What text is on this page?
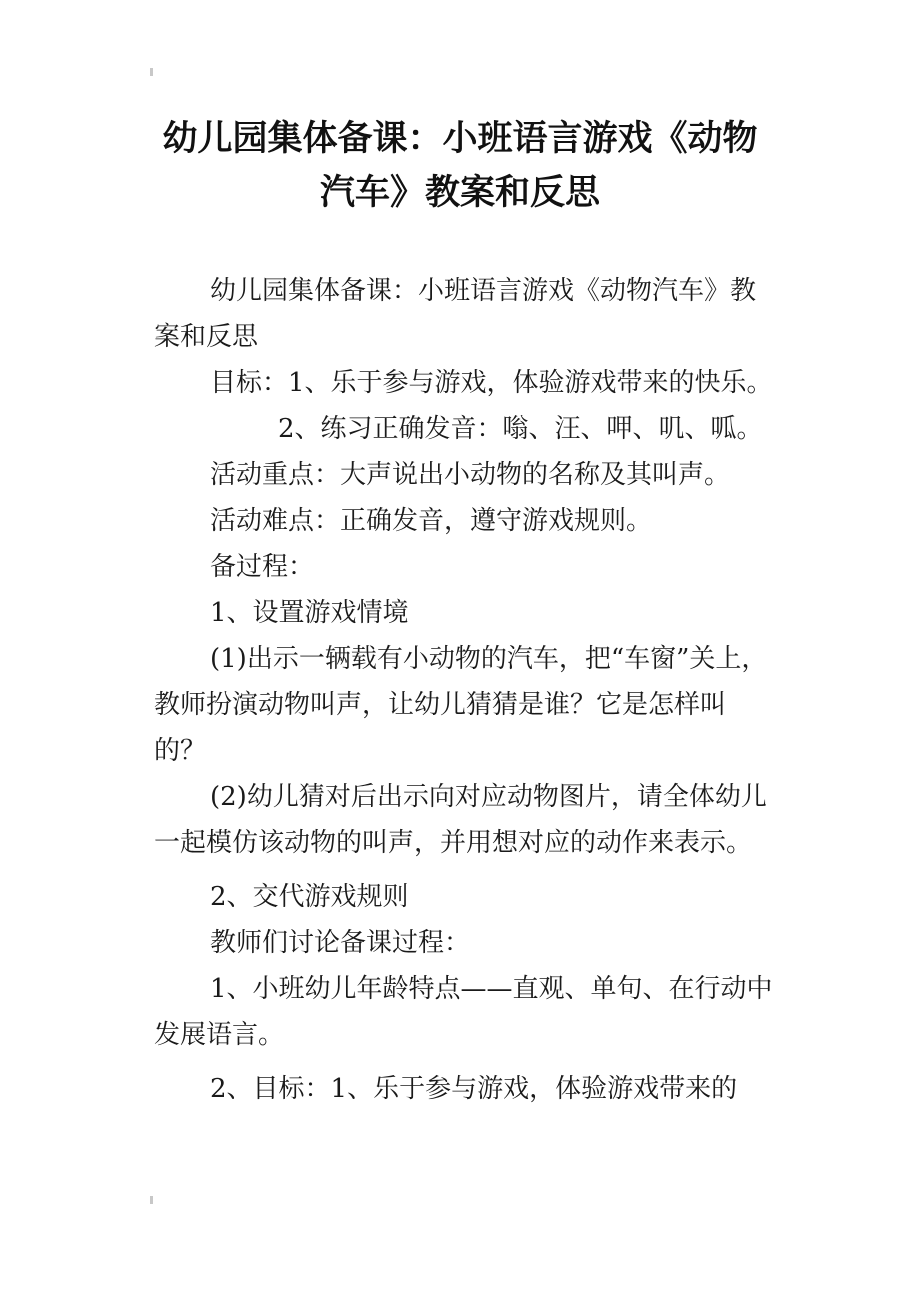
幼儿园集体备课：小班语言游戏《动物汽车》教案和反思

幼儿园集体备课：小班语言游戏《动物汽车》教案和反思

目标：1、乐于参与游戏，体验游戏带来的快乐。

2、练习正确发音：嗡、汪、呷、叽、呱。

活动重点：大声说出小动物的名称及其叫声。

活动难点：正确发音，遵守游戏规则。

备过程：

1、设置游戏情境

(1)出示一辆载有小动物的汽车，把“车窗”关上，教师扮演动物叫声，让幼儿猜猜是谁？它是怎样叫的？

(2)幼儿猜对后出示向对应动物图片，请全体幼儿一起模仿该动物的叫声，并用想对应的动作来表示。

2、交代游戏规则

教师们讨论备课过程：

1、小班幼儿年龄特点——直观、单句、在行动中发展语言。

2、目标：1、乐于参与游戏，体验游戏带来的
